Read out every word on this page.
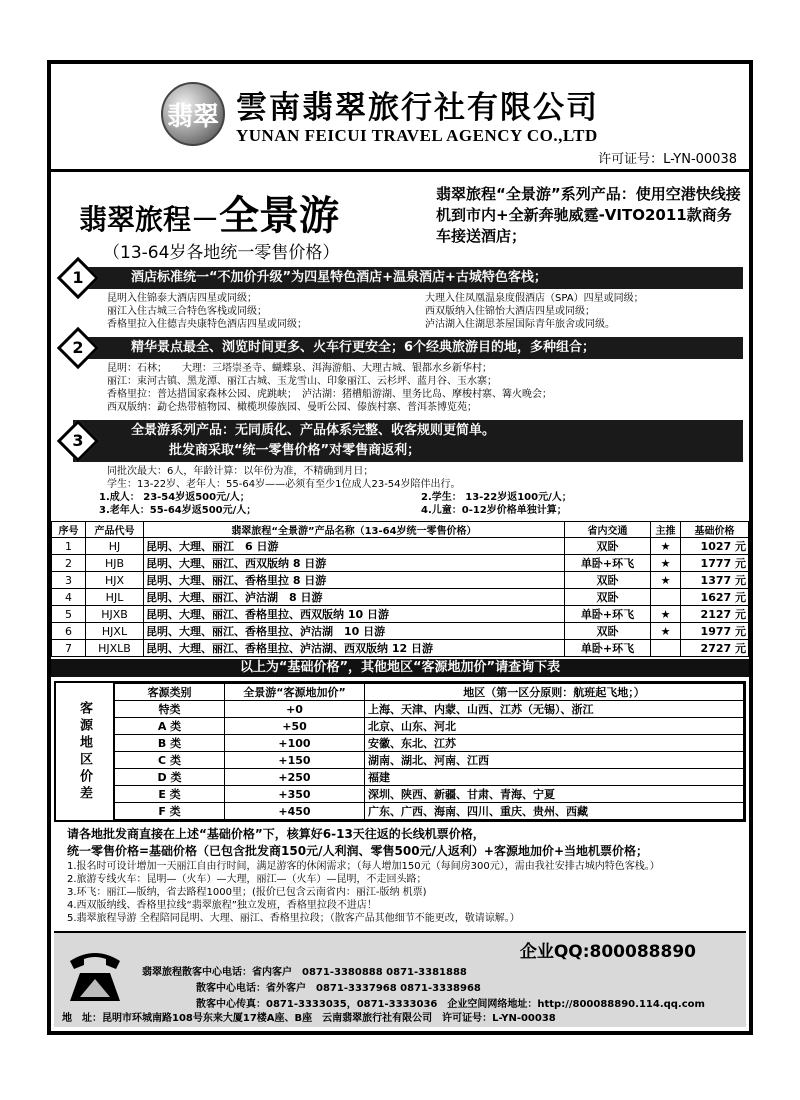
翡翠 雲南翡翠旅行社有限公司
YUNAN FEICUI TRAVEL AGENCY CO.,LTD
许可证号：L-YN-00038
翡翠旅程－全景游
（13-64岁各地统一零售价格）
翡翠旅程“全景游”系列产品：使用空港快线接机到市内+全新奔驰威霆-VITO2011款商务车接送酒店；
1	酒店标准统一“不加价升级”为四星特色酒店+温泉酒店+古城特色客栈；

昆明入住锦泰大酒店四星或同级；

丽江入住古城三合特色客栈或同级；

香格里拉入住德吉央康特色酒店四星或同级；

大理入住凤凰温泉度假酒店（SPA）四星或同级；

西双版纳入住锦怡大酒店四星或同级；

泸沽湖入住湖思茶屋国际青年旅舍或同级。

2	精华景点最全、浏览时间更多、火车行更安全；6个经典旅游目的地，多种组合；

昆明：石林；　　大理：三塔崇圣寺、蝴蝶泉、洱海游船、大理古城、银都水乡新华村；

丽江：束河古镇、黑龙潭、丽江古城、玉龙雪山、印象丽江、云杉坪、蓝月谷、玉水寨；

香格里拉：普达措国家森林公园、虎跳峡；　泸沽湖：猪槽船游湖、里务比岛、摩梭村寨、篝火晚会；

西双版纳：勐仑热带植物园、橄榄坝傣族园、曼听公园、傣族村寨、普洱茶博览苑；

3
全景游系列产品：无同质化、产品体系完整、收客规则更简单。
批发商采取“统一零售价格”对零售商返利；

同批次最大：6人，年龄计算：以年份为准，不精确到月日；

学生：13-22岁、老年人：55-64岁——必须有至少1位成人23-54岁陪伴出行。

1.成人： 23-54岁返500元/人；

3.老年人：55-64岁返500元/人；

2.学生： 13-22岁返100元/人；

4.儿童：0-12岁价格单独计算；

序号	产品代号	翡翠旅程“全景游”产品名称（13-64岁统一零售价格）	省内交通	主推	基础价格
1	HJ	昆明、大理、丽江　6 日游	双卧	★	1027 元
2	HJB	昆明、大理、丽江、西双版纳 8 日游	单卧+环飞	★	1777 元
3	HJX	昆明、大理、丽江、香格里拉 8 日游	双卧	★	1377 元
4	HJL	昆明、大理、丽江、泸沽湖　8 日游	双卧		1627 元
5	HJXB	昆明、大理、丽江、香格里拉、西双版纳 10 日游	单卧+环飞	★	2127 元
6	HJXL	昆明、大理、丽江、香格里拉、泸沽湖　10 日游	双卧	★	1977 元
7	HJXLB	昆明、大理、丽江、香格里拉、泸沽湖、西双版纳 12 日游	单卧+环飞		2727 元
以上为“基础价格”，其他地区“客源地加价”请查询下表
客源地区价差
客源类别	全景游“客源地加价”	地区（第一区分原则：航班起飞地；）
特类	+0	上海、天津、内蒙、山西、江苏（无锡）、浙江
A 类	+50	北京、山东、河北
B 类	+100	安徽、东北、江苏
C 类	+150	湖南、湖北、河南、江西
D 类	+250	福建
E 类	+350	深圳、陕西、新疆、甘肃、青海、宁夏
F 类	+450	广东、广西、海南、四川、重庆、贵州、西藏

请各地批发商直接在上述“基础价格”下，核算好6-13天往返的长线机票价格，

统一零售价格=基础价格（已包含批发商150元/人利润、零售500元/人返利）+客源地加价+当地机票价格；

1.报名时可设计增加一天丽江自由行时间，满足游客的休闲需求；（每人增加150元（每间房300元），需由我社安排古城内特色客栈。）

2.旅游专线火车：昆明—（火车）—大理，丽江—（火车）—昆明，不走回头路；

3.环飞：丽江—版纳，省去路程1000里；(报价已包含云南省内：丽江-版纳 机票)

4.西双版纳线、香格里拉线“翡翠旅程”独立发班，香格里拉段不进店！

5.翡翠旅程导游 全程陪同昆明、大理、丽江、香格里拉段；（散客产品其他细节不能更改，敬请谅解。）

企业QQ:800088890
翡翠旅程散客中心电话：省内客户　0871-3380888 0871-3381888
散客中心电话：省外客户　0871-3337968 0871-3338968
散客中心传真：0871-3333035，0871-3333036　企业空间网络地址：http://800088890.114.qq.com
地　址：昆明市环城南路108号东来大厦17楼A座、B座　云南翡翠旅行社有限公司　许可证号：L-YN-00038
